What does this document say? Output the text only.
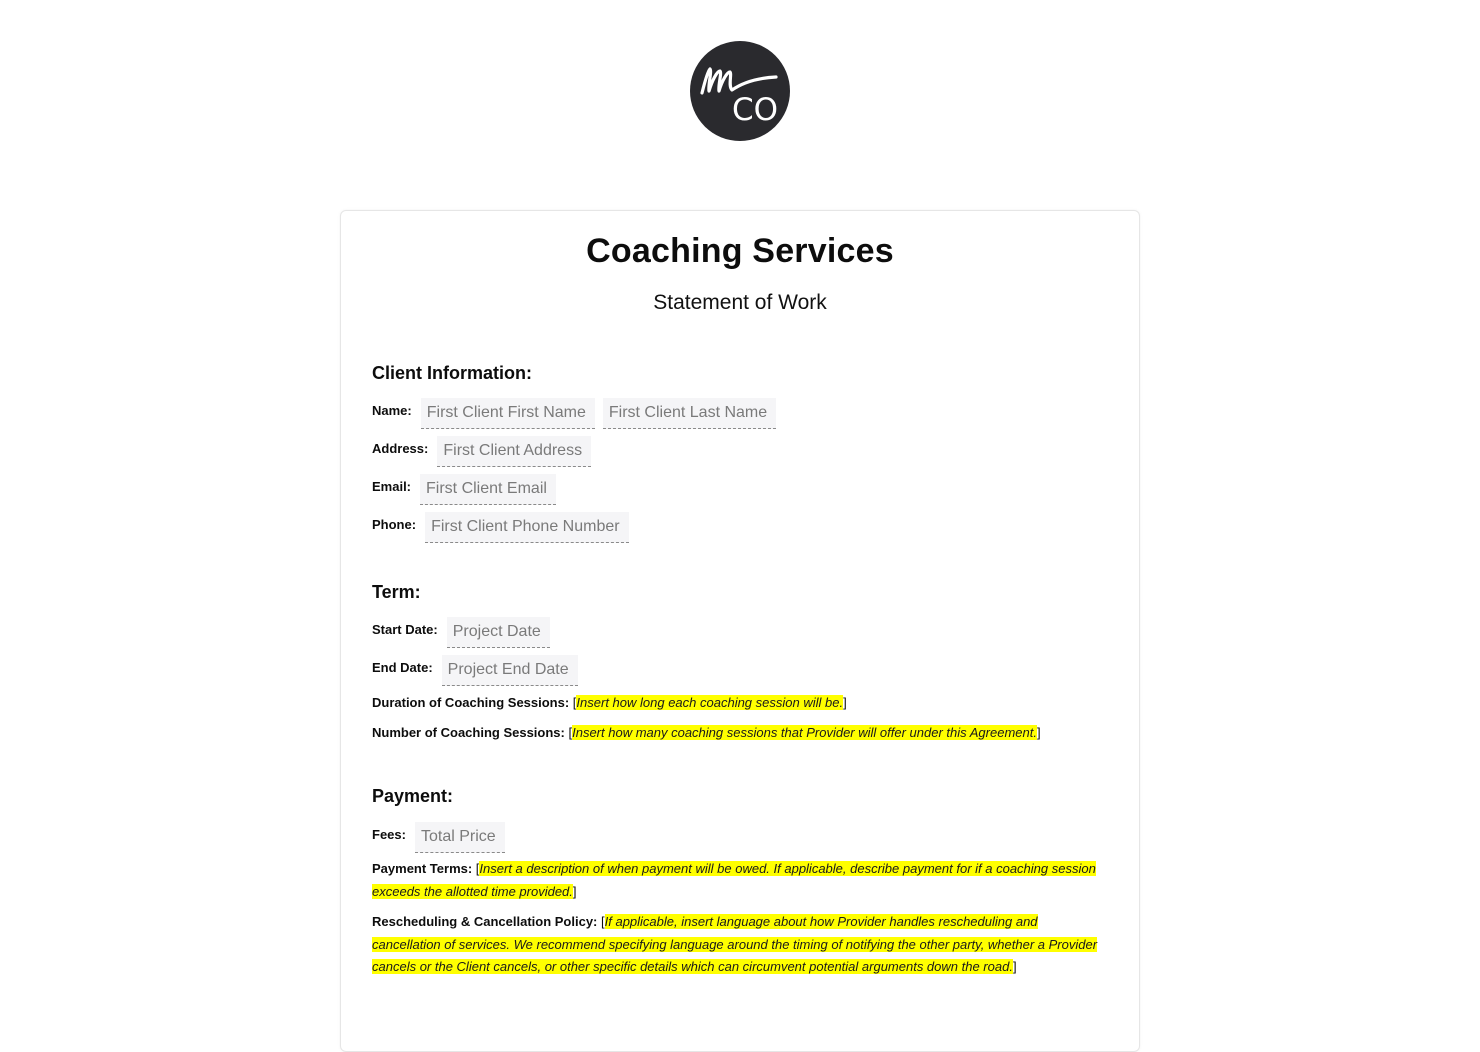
CO
Coaching Services
Statement of Work
Client Information:
Name: First Client First Name	First Client Last Name
Address: First Client Address
Email: First Client Email
Phone: First Client Phone Number
Term:
Start Date: Project Date
End Date: Project End Date
Duration of Coaching Sessions: [Insert how long each coaching session will be.]
Number of Coaching Sessions: [Insert how many coaching sessions that Provider will offer under this Agreement.]
Payment:
Fees: Total Price
Payment Terms: [Insert a description of when payment will be owed. If applicable, describe payment for if a coaching session exceeds the allotted time provided.]
Rescheduling & Cancellation Policy: [If applicable, insert language about how Provider handles rescheduling and cancellation of services. We recommend specifying language around the timing of notifying the other party, whether a Provider cancels or the Client cancels, or other specific details which can circumvent potential arguments down the road.]
